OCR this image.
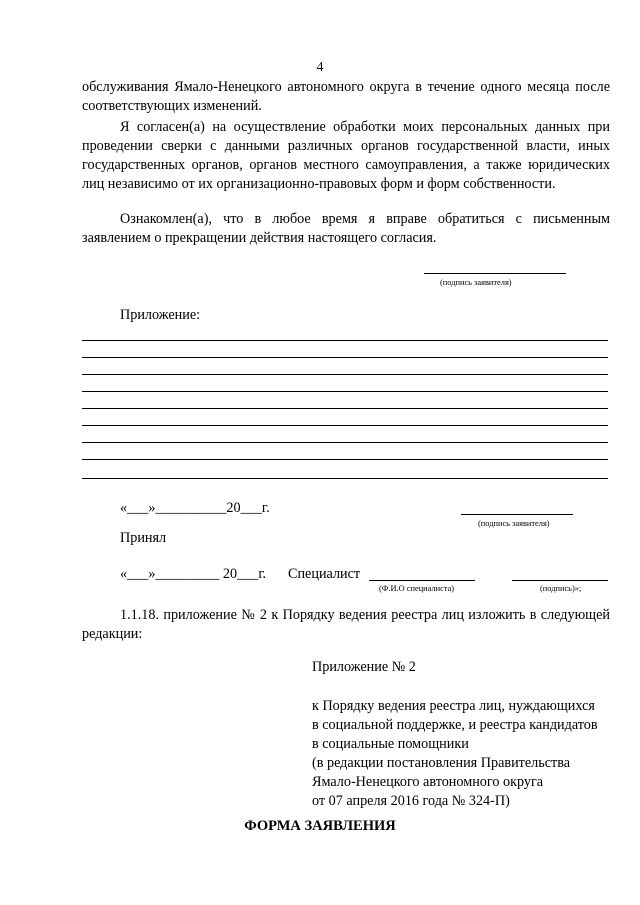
4
обслуживания Ямало-Ненецкого автономного округа в течение одного месяца после соответствующих изменений.
Я согласен(а) на осуществление обработки моих персональных данных при проведении сверки с данными различных органов государственной власти, иных государственных органов, органов местного самоуправления, а также юридических лиц независимо от их организационно-правовых форм и форм собственности.
Ознакомлен(а), что в любое время я вправе обратиться с письменным заявлением о прекращении действия настоящего согласия.
(подпись заявителя)
Приложение:
«___»__________20___г.
(подпись заявителя)
Принял
«___»_________ 20___г. Специалист
(Ф.И.О специалиста)	(подпись)»;
1.1.18. приложение № 2 к Порядку ведения реестра лиц изложить в следующей редакции:
Приложение № 2
к Порядку ведения реестра лиц, нуждающихся
в социальной поддержке, и реестра кандидатов
в социальные помощники
(в редакции постановления Правительства
Ямало-Ненецкого автономного округа
от 07 апреля 2016 года № 324-П)
ФОРМА ЗАЯВЛЕНИЯ
